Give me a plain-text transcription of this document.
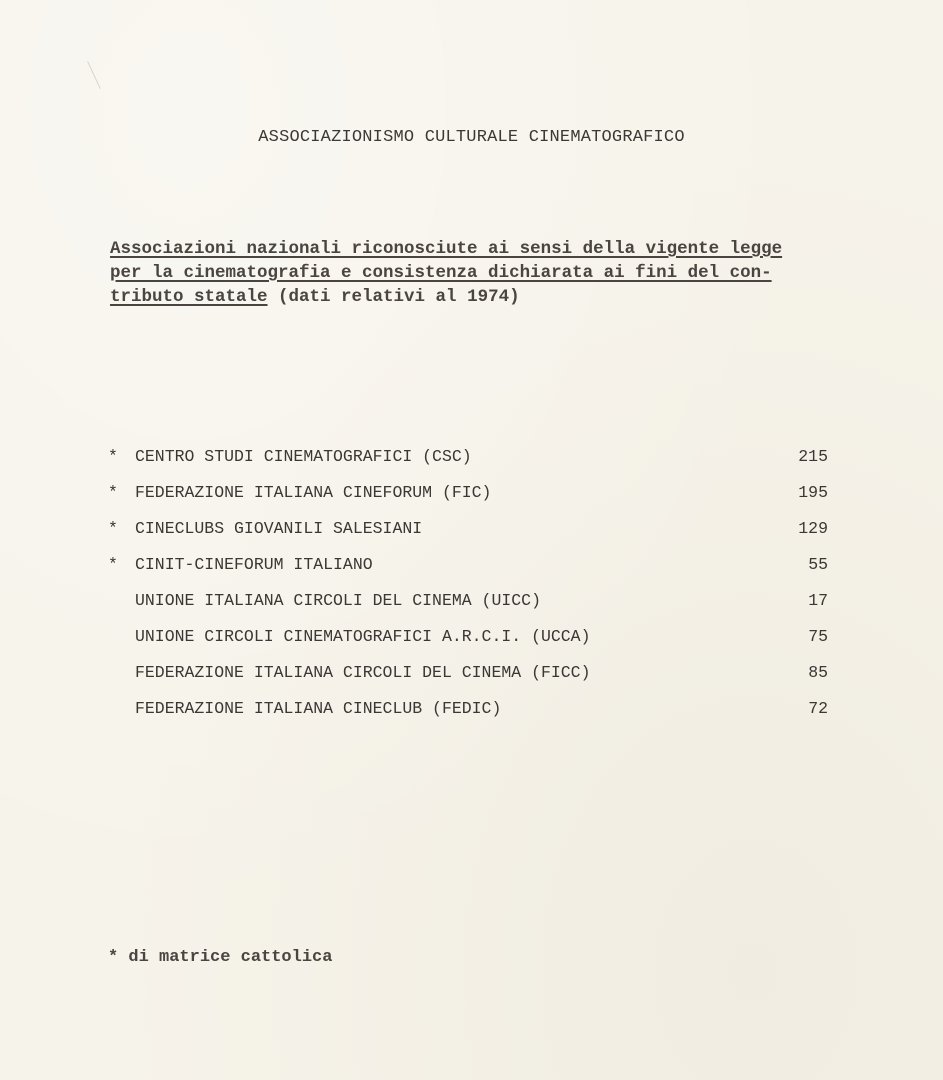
ASSOCIAZIONISMO CULTURALE CINEMATOGRAFICO
Associazioni nazionali riconosciute ai sensi della vigente legge
per la cinematografia e consistenza dichiarata ai fini del con-
tributo statale (dati relativi al 1974)
*	CENTRO STUDI CINEMATOGRAFICI (CSC)	215
*	FEDERAZIONE ITALIANA CINEFORUM (FIC)	195
*	CINECLUBS GIOVANILI SALESIANI	129
*	CINIT-CINEFORUM ITALIANO	55
UNIONE ITALIANA CIRCOLI DEL CINEMA (UICC)	17
UNIONE CIRCOLI CINEMATOGRAFICI A.R.C.I. (UCCA)	75
FEDERAZIONE ITALIANA CIRCOLI DEL CINEMA (FICC)	85
FEDERAZIONE ITALIANA CINECLUB (FEDIC)	72
* di matrice cattolica
